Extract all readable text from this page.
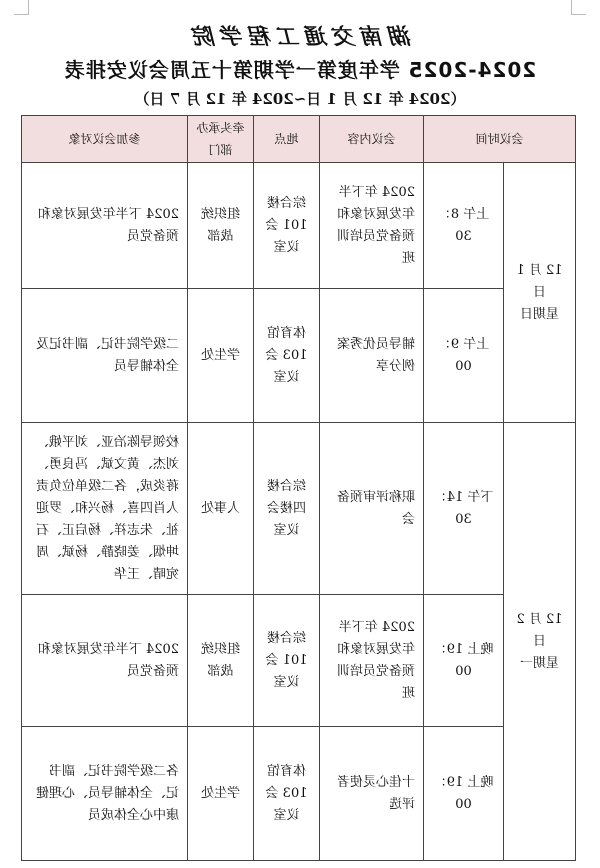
湖南交通工程学院
2024-2025 学年度第一学期第十五周会议安排表
（2024 年 12 月 1 日~2024 年 12 月 7 日）
会议时间		会议内容	地点	牵头承办部门	参加会议对象

12 月 1 日
星期日	上午 8：30	2024 年下半年发展对象和预备党员培训班	综合楼 101 会议室	组织统战部	2024 下半年发展对象和预备党员
	上午 9：00	辅导员优秀案例分享	体育馆 103 会议室	学生处	二级学院书记、副书记及全体辅导员

12 月 2 日
星期一	下午 14：30	职称评审预备会	综合楼四楼会议室	人事处	校领导陈冶亚、刘平娥、刘杰、黄文斌、冯良勇、蒋炎成，各二级单位负责人肖四喜、杨兴和、罗迎祉、朱志祥、杨启正、石坤烟、姜晓静、杨斌、周宛晴、王华
	晚上 19：00	2024 年下半年发展对象和预备党员培训班	综合楼 101 会议室	组织统战部	2024 下半年发展对象和预备党员
	晚上 19：00	十佳心灵使者评选	体育馆 103 会议室	学生处	各二级学院书记、副书记、全体辅导员、心理健康中心全体成员
